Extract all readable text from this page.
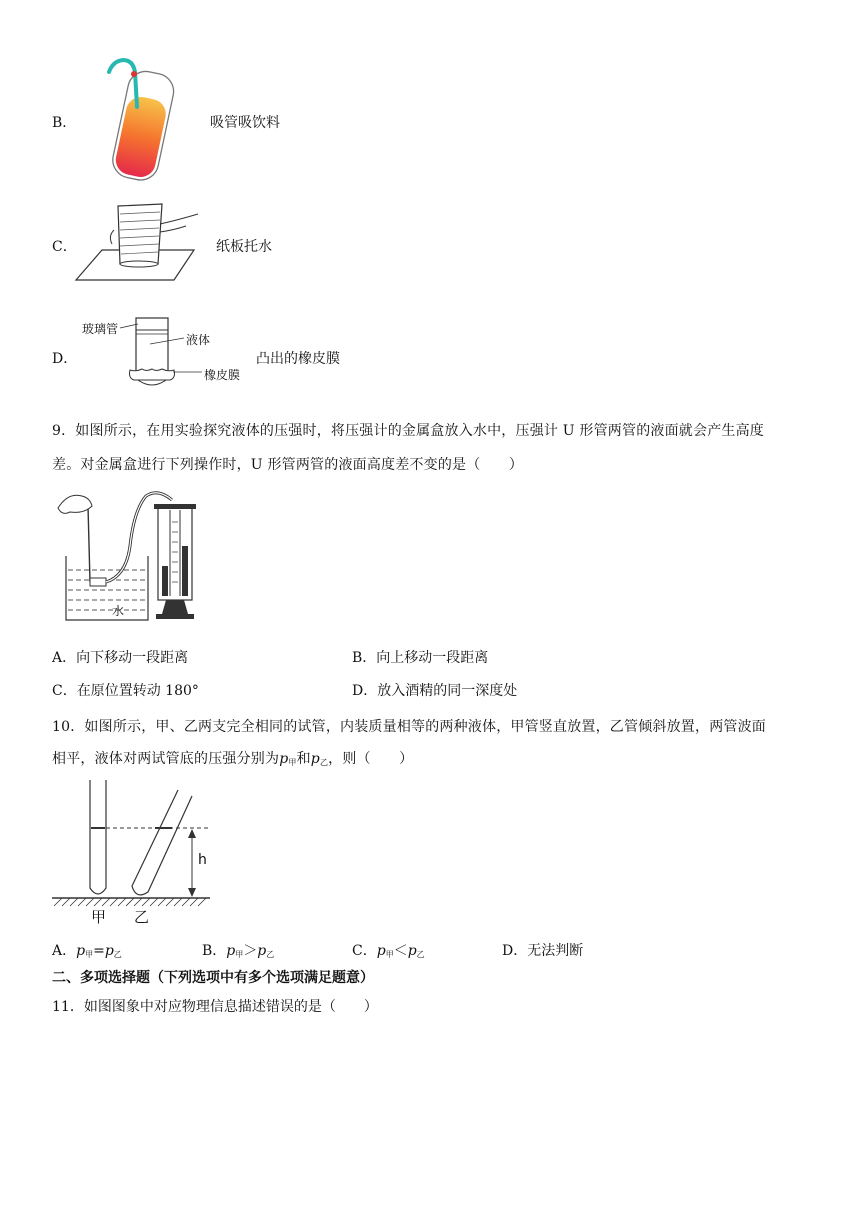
B．	吸管吸饮料
C．	纸板托水
D．
玻璃管
液体
橡皮膜
凸出的橡皮膜
9．如图所示，在用实验探究液体的压强时，将压强计的金属盒放入水中，压强计 U 形管两管的液面就会产生高度
差。对金属盒进行下列操作时，U 形管两管的液面高度差不变的是（　　）
水
A．向下移动一段距离	B．向上移动一段距离
C．在原位置转动 180°	D．放入酒精的同一深度处
10．如图所示，甲、乙两支完全相同的试管，内装质量相等的两种液体，甲管竖直放置，乙管倾斜放置，两管波面
相平，液体对两试管底的压强分别为$p_甲$和$p_乙$，则（　　）
h
甲 乙
A．$p_甲=p_乙$	B．$p_甲>p_乙$	C．$p_甲<p_乙$	D．无法判断
二、多项选择题（下列选项中有多个选项满足题意）
11．如图图象中对应物理信息描述错误的是（　　）
